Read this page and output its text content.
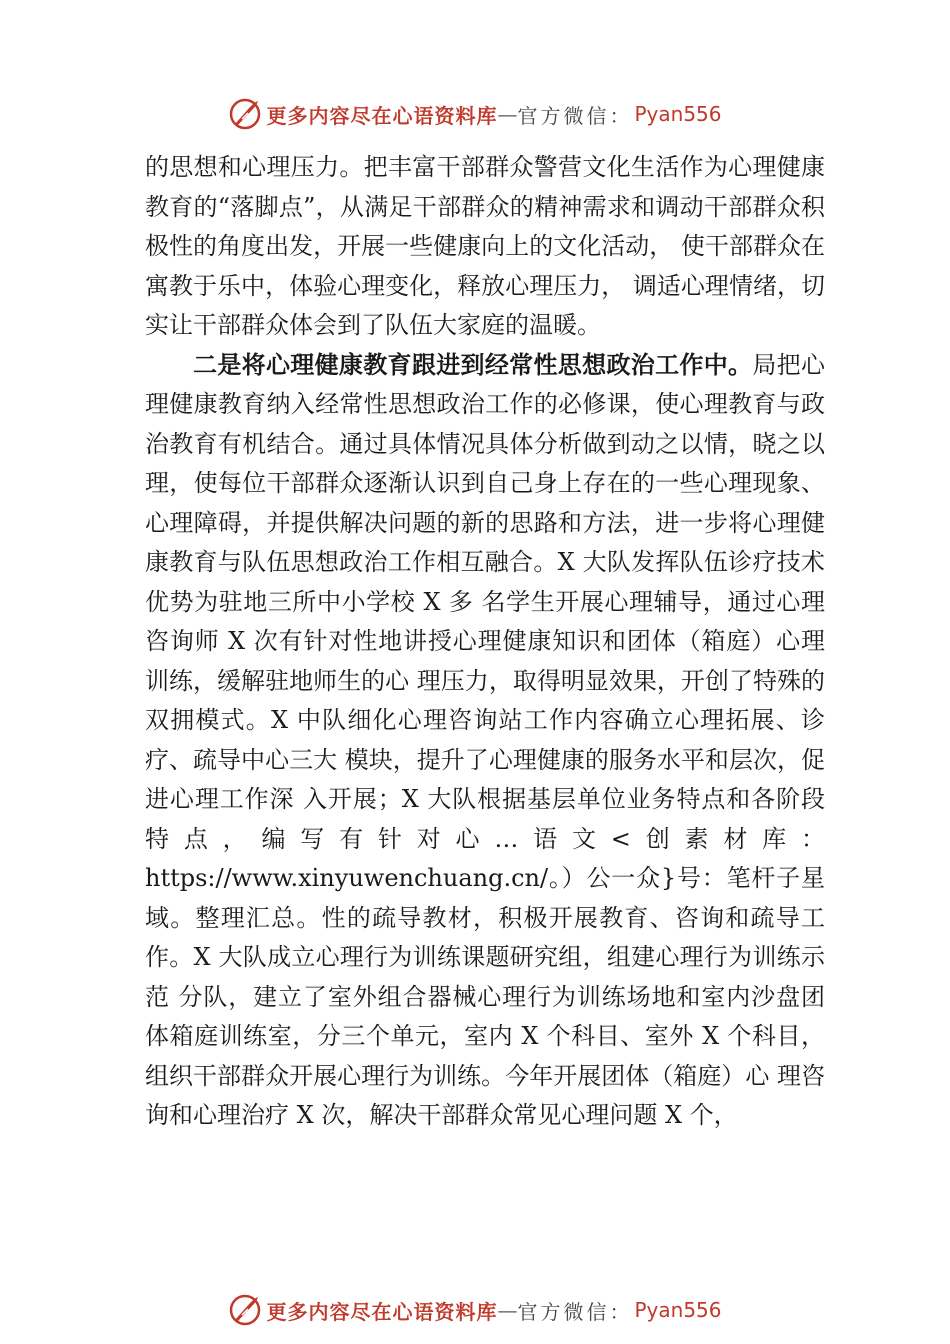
更多内容尽在心语资料库 — 官方微信： Pyan556

的思想和心理压力。把丰富干部群众警营文化生活作为心理健康教育的“落脚点”，从满足干部群众的精神需求和调动干部群众积极性的角度出发，开展一些健康向上的文化活动， 使干部群众在寓教于乐中，体验心理变化，释放心理压力， 调适心理情绪，切实让干部群众体会到了队伍大家庭的温暖。

二是将心理健康教育跟进到经常性思想政治工作中。局把心理健康教育纳入经常性思想政治工作的必修课，使心理教育与政治教育有机结合。通过具体情况具体分析做到动之以情，晓之以理，使每位干部群众逐渐认识到自己身上存在的一些心理现象、心理障碍，并提供解决问题的新的思路和方法，进一步将心理健康教育与队伍思想政治工作相互融合。X 大队发挥队伍诊疗技术优势为驻地三所中小学校 X 多 名学生开展心理辅导，通过心理咨询师 X 次有针对性地讲授心理健康知识和团体（箱庭）心理训练，缓解驻地师生的心 理压力，取得明显效果，开创了特殊的双拥模式。X 中队细化心理咨询站工作内容确立心理拓展、诊疗、疏导中心三大 模块，提升了心理健康的服务水平和层次，促进心理工作深 入开展；X 大队根据基层单位业务特点和各阶段特点，编写有针对心…语文<创素材库：https://www.xinyuwenchuang.cn/。）公一众}号：笔杆子星域。整理汇总。性的疏导教材，积极开展教育、咨询和疏导工作。X 大队成立心理行为训练课题研究组，组建心理行为训练示范 分队，建立了室外组合器械心理行为训练场地和室内沙盘团 体箱庭训练室，分三个单元，室内 X 个科目、室外 X 个科目， 组织干部群众开展心理行为训练。今年开展团体（箱庭）心 理咨询和心理治疗 X 次，解决干部群众常见心理问题 X 个，

更多内容尽在心语资料库 — 官方微信： Pyan556
